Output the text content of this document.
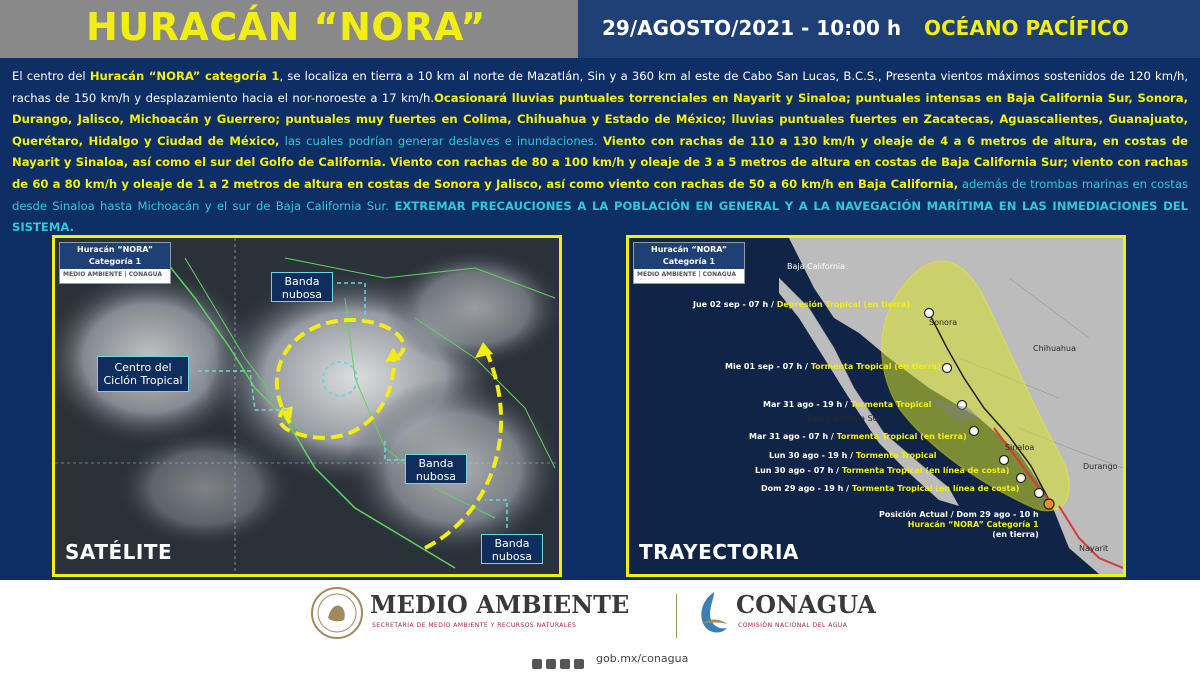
HURACÁN “NORA”	29/AGOSTO/2021 - 10:00 h OCÉANO PACÍFICO

El centro del Huracán “NORA” categoría 1, se localiza en tierra a 10 km al norte de Mazatlán, Sin y a 360 km al este de Cabo San Lucas, B.C.S., Presenta vientos máximos sostenidos de 120 km/h, rachas de 150 km/h y desplazamiento hacia el nor-noroeste a 17 km/h.Ocasionará lluvias puntuales torrenciales en Nayarit y Sinaloa; puntuales intensas en Baja California Sur, Sonora, Durango, Jalisco, Michoacán y Guerrero; puntuales muy fuertes en Colima, Chihuahua y Estado de México; lluvias puntuales fuertes en Zacatecas, Aguascalientes, Guanajuato, Querétaro, Hidalgo y Ciudad de México, las cuales podrían generar deslaves e inundaciones. Viento con rachas de 110 a 130 km/h y oleaje de 4 a 6 metros de altura, en costas de Nayarit y Sinaloa, así como el sur del Golfo de California. Viento con rachas de 80 a 100 km/h y oleaje de 3 a 5 metros de altura en costas de Baja California Sur; viento con rachas de 60 a 80 km/h y oleaje de 1 a 2 metros de altura en costas de Sonora y Jalisco, así como viento con rachas de 50 a 60 km/h en Baja California, además de trombas marinas en costas desde Sinaloa hasta Michoacán y el sur de Baja California Sur. EXTREMAR PRECAUCIONES A LA POBLACIÓN EN GENERAL Y A LA NAVEGACIÓN MARÍTIMA EN LAS INMEDIACIONES DEL SISTEMA.

Huracán “NORA”
Categoría 1
MEDIO AMBIENTE | CONAGUA
Centro del Ciclón Tropical
Banda nubosa
Banda nubosa
Banda nubosa
SATÉLITE
Huracán “NORA”
Categoría 1
MEDIO AMBIENTE | CONAGUA
Baja California
Sonora
Chihuahua
Baja California Sur
Sinaloa
Durango
Nayarit
Jue 02 sep - 07 h / Depresión Tropical (en tierra)
Mie 01 sep - 07 h / Tormenta Tropical (en tierra)
Mar 31 ago - 19 h / Tormenta Tropical
Mar 31 ago - 07 h / Tormenta Tropical (en tierra)
Lun 30 ago - 19 h / Tormenta Tropical
Lun 30 ago - 07 h / Tormenta Tropical (en línea de costa)
Dom 29 ago - 19 h / Tormenta Tropical (en línea de costa)
Posición Actual / Dom 29 ago - 10 h
Huracán “NORA” Categoría 1
(en tierra)
TRAYECTORIA
MEDIO AMBIENTE
SECRETARÍA DE MEDIO AMBIENTE Y RECURSOS NATURALES
CONAGUA
COMISIÓN NACIONAL DEL AGUA
gob.mx/conagua
